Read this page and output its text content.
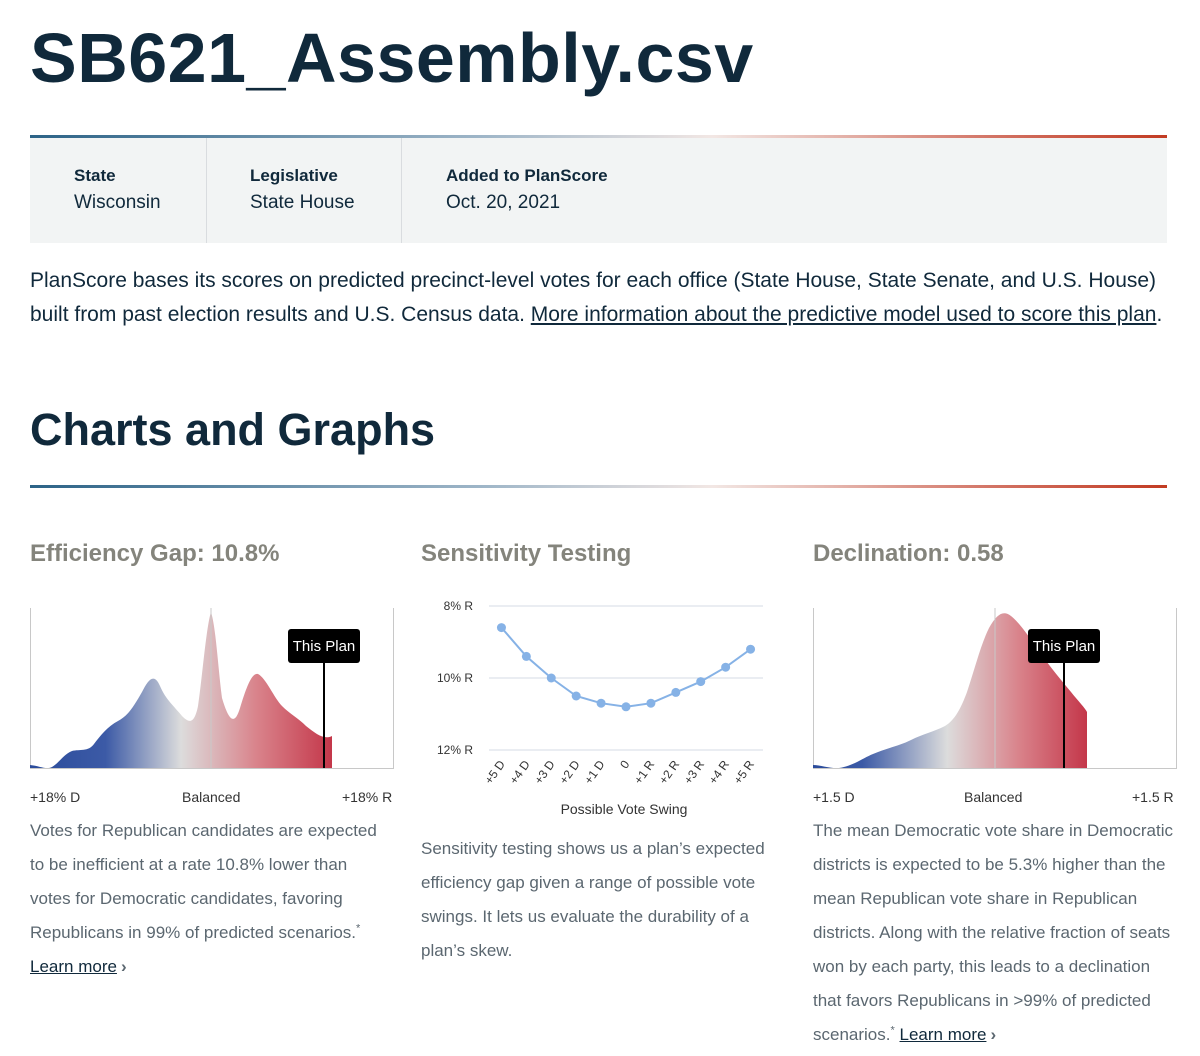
SB621_Assembly.csv
State
Wisconsin
Legislative
State House
Added to PlanScore
Oct. 20, 2021

PlanScore bases its scores on predicted precinct-level votes for each office (State House, State Senate, and U.S. House) built from past election results and U.S. Census data. More information about the predictive model used to score this plan.

Charts and Graphs
Efficiency Gap: 10.8%
This Plan
+18% D	Balanced	+18% R

Votes for Republican candidates are expected to be inefficient at a rate 10.8% lower than votes for Democratic candidates, favoring Republicans in 99% of predicted scenarios.*
Learn more ›

Sensitivity Testing
8% R
10% R
12% R
+5 D
+4 D
+3 D
+2 D
+1 D 0
+1 R
+2 R
+3 R
+4 R
+5 R
Possible Vote Swing

Sensitivity testing shows us a plan’s expected efficiency gap given a range of possible vote swings. It lets us evaluate the durability of a plan’s skew.

Declination: 0.58
This Plan
+1.5 D	Balanced	+1.5 R

The mean Democratic vote share in Democratic districts is expected to be 5.3% higher than the mean Republican vote share in Republican districts. Along with the relative fraction of seats won by each party, this leads to a declination that favors Republicans in >99% of predicted scenarios.* Learn more ›
